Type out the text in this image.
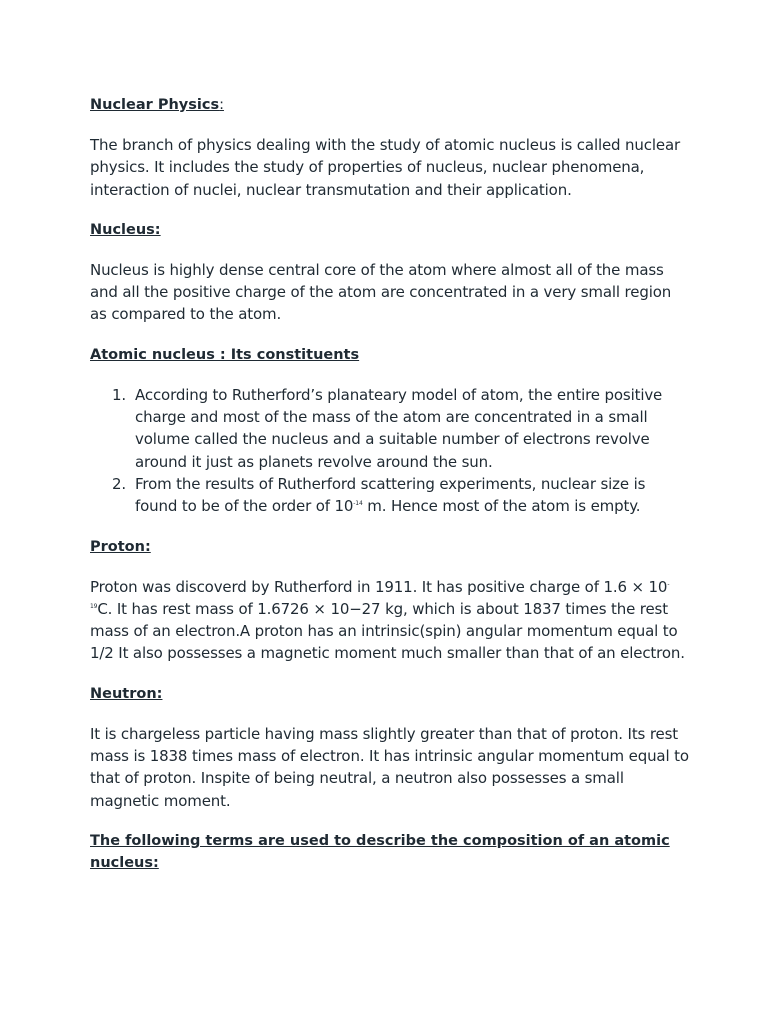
Nuclear Physics:

The branch of physics dealing with the study of atomic nucleus is called nuclear physics. It includes the study of properties of nucleus, nuclear phenomena, interaction of nuclei, nuclear transmutation and their application.

Nucleus:

Nucleus is highly dense central core of the atom where almost all of the mass and all the positive charge of the atom are concentrated in a very small region as compared to the atom.

Atomic nucleus : Its constituents
1. According to Rutherford’s planateary model of atom, the entire positive charge and most of the mass of the atom are concentrated in a small volume called the nucleus and a suitable number of electrons revolve around it just as planets revolve around the sun.
2. From the results of Rutherford scattering experiments, nuclear size is found to be of the order of $10^{-14}$ m. Hence most of the atom is empty.
Proton:

Proton was discoverd by Rutherford in 1911. It has positive charge of $1.6 \times 10^{-19}C$. It has rest mass of 1.6726 × 10−27 kg, which is about 1837 times the rest mass of an electron.A proton has an intrinsic(spin) angular momentum equal to 1/2 It also possesses a magnetic moment much smaller than that of an electron.

Neutron:

It is chargeless particle having mass slightly greater than that of proton. Its rest mass is 1838 times mass of electron. It has intrinsic angular momentum equal to that of proton. Inspite of being neutral, a neutron also possesses a small magnetic moment.

The following terms are used to describe the composition of an atomic nucleus:
